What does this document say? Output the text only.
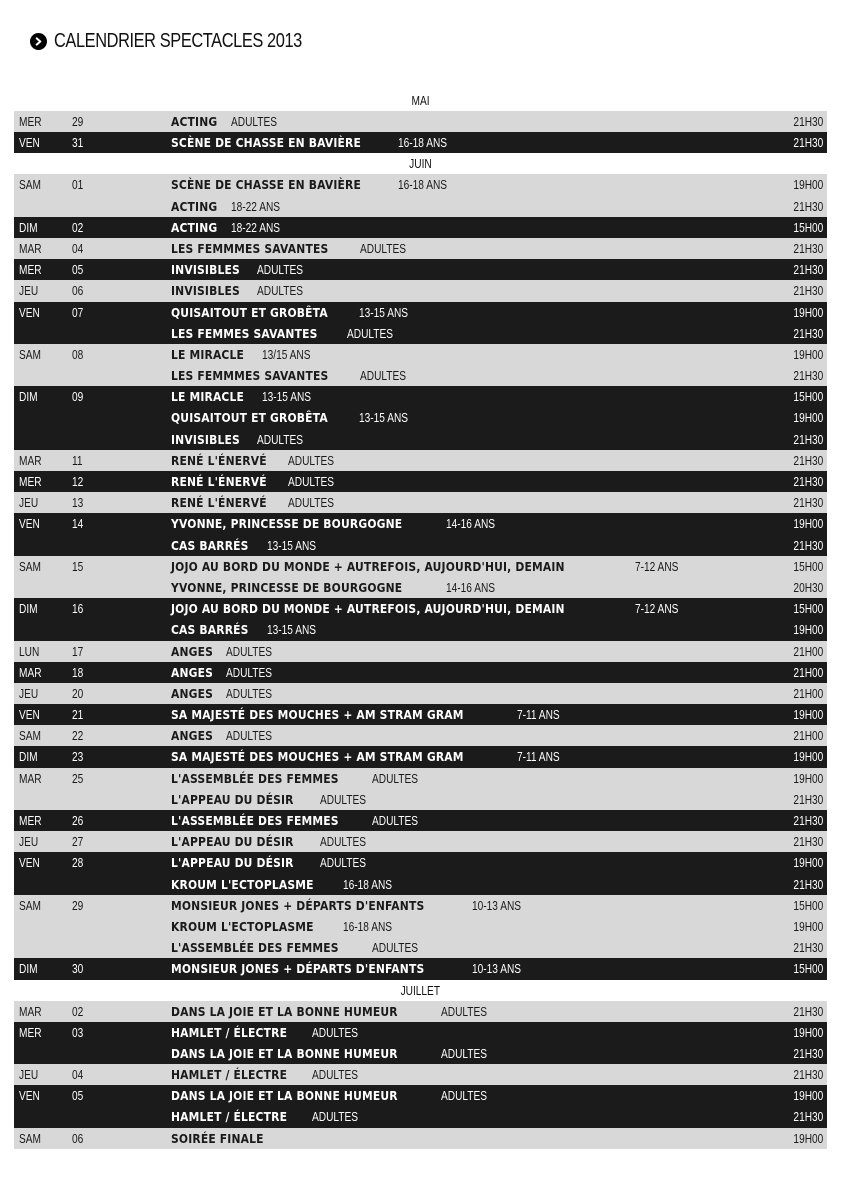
CALENDRIER SPECTACLES 2013
MAI
MER 29	ACTING ADULTES	21H30
VEN 31	SCÈNE DE CHASSE EN BAVIÈRE	16-18 ANS	21H30
JUIN
SAM 01	SCÈNE DE CHASSE EN BAVIÈRE	16-18 ANS	19H00
ACTING 18-22 ANS	21H30
DIM	02	ACTING 18-22 ANS	15H00
MAR 04	LES FEMMMES SAVANTES ADULTES	21H30
MER 05	INVISIBLES ADULTES	21H30
JEU	06	INVISIBLES ADULTES	21H30
VEN 07	QUISAITOUT ET GROBÊTA 13-15 ANS	19H00
LES FEMMES SAVANTES ADULTES	21H30
SAM 08	LE MIRACLE 13/15 ANS	19H00
LES FEMMMES SAVANTES ADULTES	21H30
DIM	09	LE MIRACLE 13-15 ANS	15H00
QUISAITOUT ET GROBÊTA 13-15 ANS	19H00
INVISIBLES ADULTES	21H30
MAR 11	RENÉ L'ÉNERVÉ ADULTES	21H30
MER 12	RENÉ L'ÉNERVÉ ADULTES	21H30
JEU	13	RENÉ L'ÉNERVÉ ADULTES	21H30
VEN 14	YVONNE, PRINCESSE DE BOURGOGNE	14-16 ANS	19H00
CAS BARRÉS 13-15 ANS	21H30
SAM 15	JOJO AU BORD DU MONDE + AUTREFOIS, AUJOURD'HUI, DEMAIN	7-12 ANS	15H00
YVONNE, PRINCESSE DE BOURGOGNE	14-16 ANS	20H30
DIM	16	JOJO AU BORD DU MONDE + AUTREFOIS, AUJOURD'HUI, DEMAIN	7-12 ANS	15H00
CAS BARRÉS 13-15 ANS	19H00
LUN	17	ANGES ADULTES	21H00
MAR 18	ANGES ADULTES	21H00
JEU	20	ANGES ADULTES	21H00
VEN 21	SA MAJESTÉ DES MOUCHES + AM STRAM GRAM	7-11 ANS	19H00
SAM 22	ANGES ADULTES	21H00
DIM	23	SA MAJESTÉ DES MOUCHES + AM STRAM GRAM	7-11 ANS	19H00
MAR 25	L'ASSEMBLÉE DES FEMMES	ADULTES	19H00
L'APPEAU DU DÉSIR ADULTES	21H30
MER 26	L'ASSEMBLÉE DES FEMMES	ADULTES	21H30
JEU	27	L'APPEAU DU DÉSIR ADULTES	21H30
VEN 28	L'APPEAU DU DÉSIR ADULTES	19H00
KROUM L'ECTOPLASME 16-18 ANS	21H30
SAM 29	MONSIEUR JONES + DÉPARTS D'ENFANTS	10-13 ANS	15H00
KROUM L'ECTOPLASME 16-18 ANS	19H00
L'ASSEMBLÉE DES FEMMES	ADULTES	21H30
DIM	30	MONSIEUR JONES + DÉPARTS D'ENFANTS	10-13 ANS	15H00
JUILLET
MAR 02	DANS LA JOIE ET LA BONNE HUMEUR	ADULTES	21H30
MER 03	HAMLET / ÉLECTRE ADULTES	19H00
DANS LA JOIE ET LA BONNE HUMEUR	ADULTES	21H30
JEU	04	HAMLET / ÉLECTRE ADULTES	21H30
VEN 05	DANS LA JOIE ET LA BONNE HUMEUR	ADULTES	19H00
HAMLET / ÉLECTRE ADULTES	21H30
SAM 06	SOIRÉE FINALE	19H00
